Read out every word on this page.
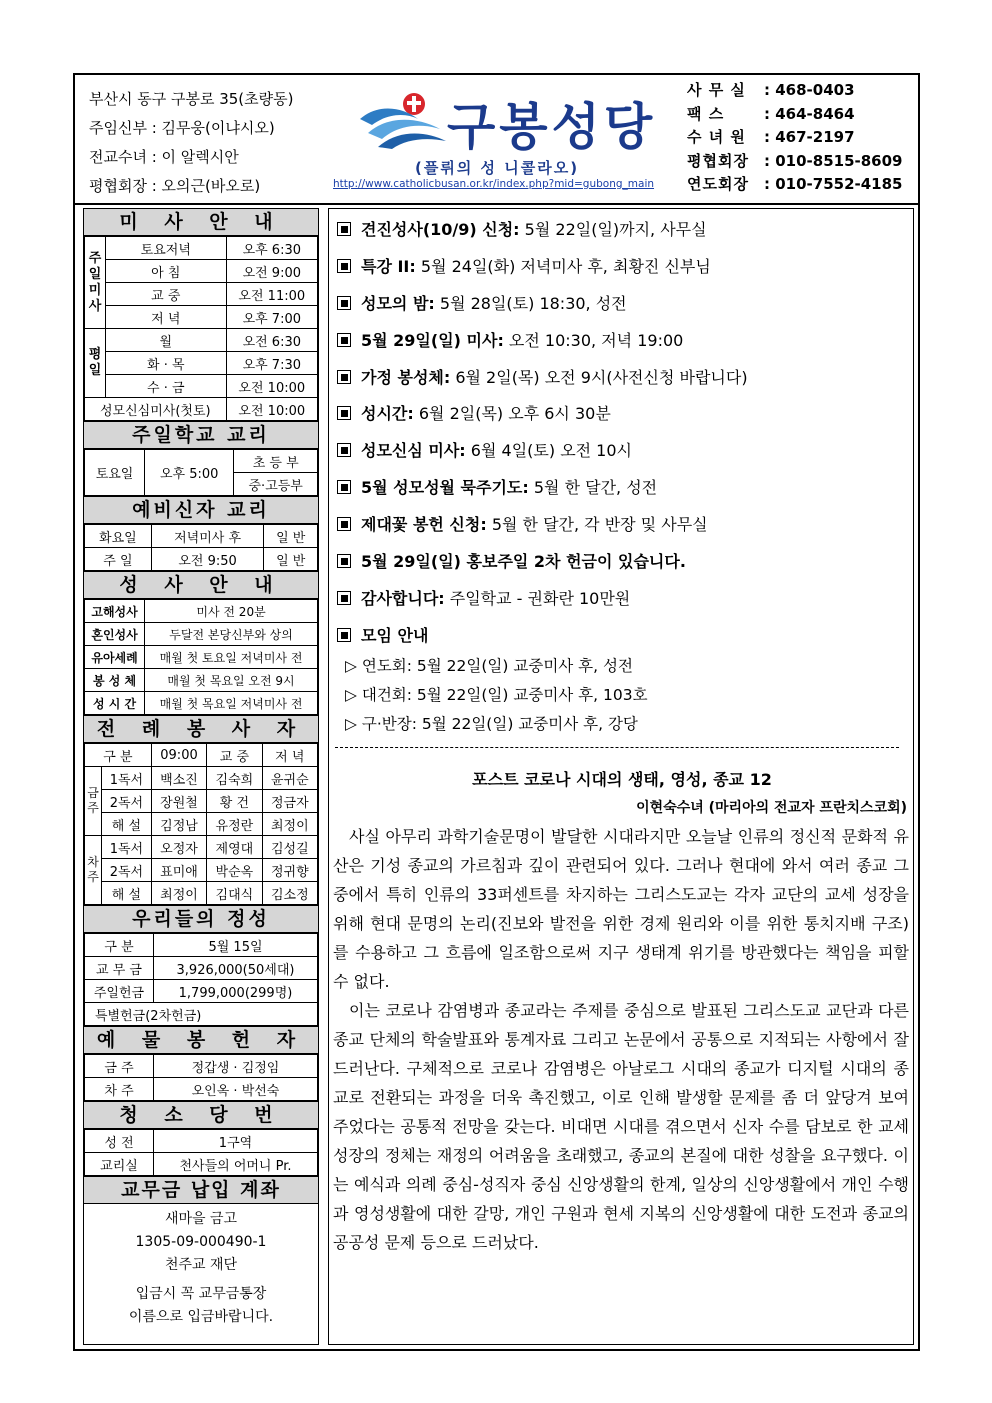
부산시 동구 구봉로 35(초량동)
주임신부 : 김무웅(이냐시오)
전교수녀 : 이 알렉시안
평협회장 : 오의근(바오로)
구봉성당
(플뤼의 성 니콜라오)
http://www.catholicbusan.or.kr/index.php?mid=gubong_main
사 무 실	: 468-0403
팩 스	: 464-8464
수 녀 원	: 467-2197
평협회장	: 010-8515-8609
연도회장	: 010-7552-4185
미 사 안 내
주일미사	토요저녁	오후 6:30
	아 침	오전 9:00
	교 중	오전 11:00
	저 녁	오후 7:00
평일	월	오전 6:30
	화 · 목	오후 7:30
	수 · 금	오전 10:00
성모신심미사(첫토)		오전 10:00
주일학교 교리
토요일	오후 5:00	초 등 부
중·고등부
예비신자 교리
화요일	저녁미사 후	일 반
주 일	오전 9:50	일 반
성 사 안 내
고해성사	미사 전 20분
혼인성사	두달전 본당신부와 상의
유아세례	매월 첫 토요일 저녁미사 전
봉 성 체	매월 첫 목요일 오전 9시
성 시 간	매월 첫 목요일 저녁미사 전
전 례 봉 사 자
구 분		09:00	교 중	저 녁
금주	1독서	백소진	김숙희	윤귀순
	2독서	장원철	황 건	정금자
	해 설	김정남	유정란	최정이
차주	1독서	오정자	제영대	김성길
	2독서	표미애	박순옥	정귀향
	해 설	최정이	김대식	김소정
우리들의 정성
구 분	5월 15일
교 무 금	3,926,000(50세대)
주일헌금	1,799,000(299명)
특별헌금(2차헌금)	
예 물 봉 헌 자
금 주	정갑생 · 김정임
차 주	오인옥 · 박선숙
청 소 당 번
성 전	1구역
교리실	천사들의 어머니 Pr.
교무금 납입 계좌
새마을 금고
1305-09-000490-1
천주교 재단
입금시 꼭 교무금통장
이름으로 입금바랍니다.
견진성사(10/9) 신청: 5월 22일(일)까지, 사무실
특강 II: 5월 24일(화) 저녁미사 후, 최황진 신부님
성모의 밤: 5월 28일(토) 18:30, 성전
5월 29일(일) 미사: 오전 10:30, 저녁 19:00
가정 봉성체: 6월 2일(목) 오전 9시(사전신청 바랍니다)
성시간: 6월 2일(목) 오후 6시 30분
성모신심 미사: 6월 4일(토) 오전 10시
5월 성모성월 묵주기도: 5월 한 달간, 성전
제대꽃 봉헌 신청: 5월 한 달간, 각 반장 및 사무실
5월 29일(일) 홍보주일 2차 헌금이 있습니다.
감사합니다: 주일학교 - 권화란 10만원
모임 안내
▷ 연도회: 5월 22일(일) 교중미사 후, 성전
▷ 대건회: 5월 22일(일) 교중미사 후, 103호
▷ 구·반장: 5월 22일(일) 교중미사 후, 강당
포스트 코로나 시대의 생태, 영성, 종교 12
이현숙수녀 (마리아의 전교자 프란치스코회)

사실 아무리 과학기술문명이 발달한 시대라지만 오늘날 인류의 정신적 문화적 유산은 기성 종교의 가르침과 깊이 관련되어 있다. 그러나 현대에 와서 여러 종교 그중에서 특히 인류의 33퍼센트를 차지하는 그리스도교는 각자 교단의 교세 성장을 위해 현대 문명의 논리(진보와 발전을 위한 경제 원리와 이를 위한 통치지배 구조)를 수용하고 그 흐름에 일조함으로써 지구 생태계 위기를 방관했다는 책임을 피할 수 없다.

이는 코로나 감염병과 종교라는 주제를 중심으로 발표된 그리스도교 교단과 다른 종교 단체의 학술발표와 통계자료 그리고 논문에서 공통으로 지적되는 사항에서 잘 드러난다. 구체적으로 코로나 감염병은 아날로그 시대의 종교가 디지털 시대의 종교로 전환되는 과정을 더욱 촉진했고, 이로 인해 발생할 문제를 좀 더 앞당겨 보여주었다는 공통적 전망을 갖는다. 비대면 시대를 겪으면서 신자 수를 담보로 한 교세 성장의 정체는 재정의 어려움을 초래했고, 종교의 본질에 대한 성찰을 요구했다. 이는 예식과 의례 중심-성직자 중심 신앙생활의 한계, 일상의 신앙생활에서 개인 수행과 영성생활에 대한 갈망, 개인 구원과 현세 지복의 신앙생활에 대한 도전과 종교의 공공성 문제 등으로 드러났다.
